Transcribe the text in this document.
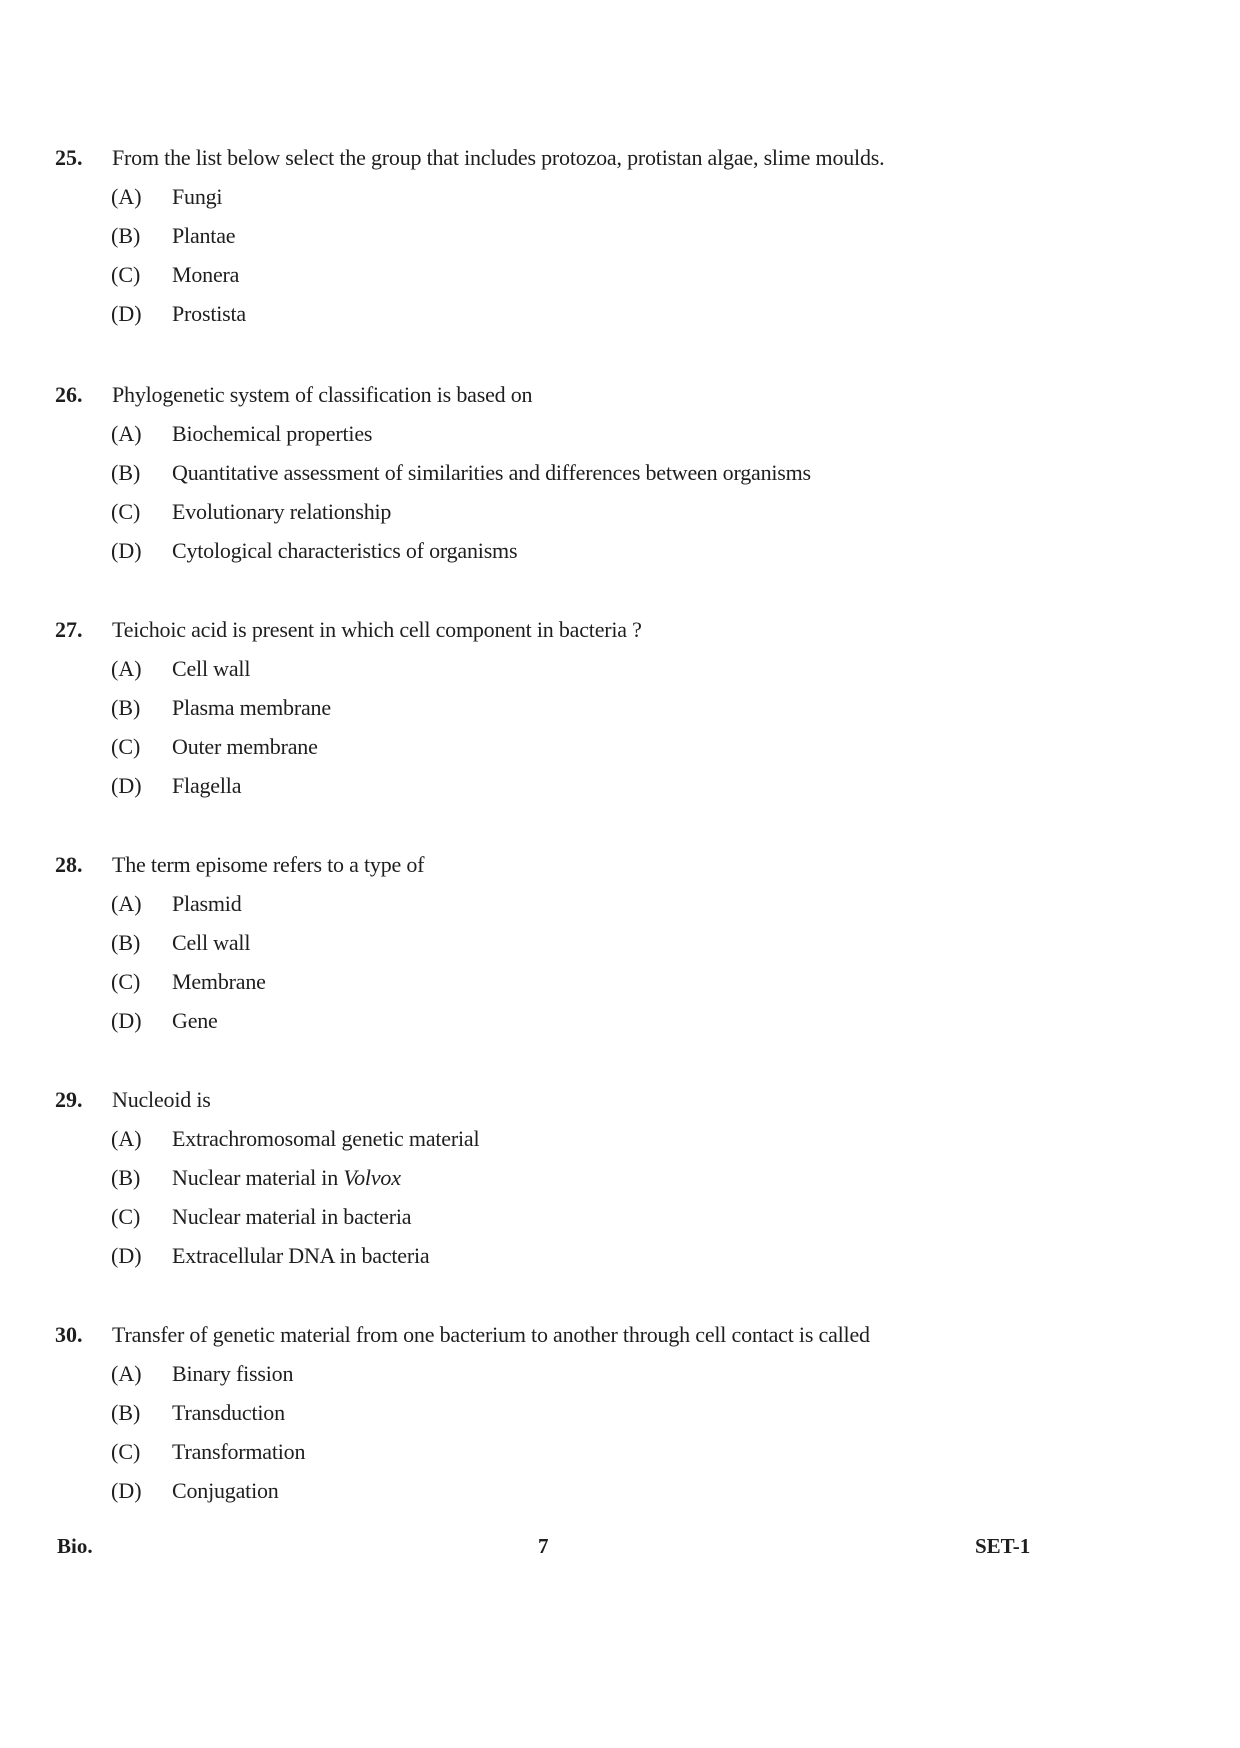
25. From the list below select the group that includes protozoa, protistan algae, slime moulds.
(A) Fungi
(B) Plantae
(C) Monera
(D) Prostista
26. Phylogenetic system of classification is based on
(A) Biochemical properties
(B) Quantitative assessment of similarities and differences between organisms
(C) Evolutionary relationship
(D) Cytological characteristics of organisms
27. Teichoic acid is present in which cell component in bacteria ?
(A) Cell wall
(B) Plasma membrane
(C) Outer membrane
(D) Flagella
28. The term episome refers to a type of
(A) Plasmid
(B) Cell wall
(C) Membrane
(D) Gene
29. Nucleoid is
(A) Extrachromosomal genetic material
(B) Nuclear material in Volvox
(C) Nuclear material in bacteria
(D) Extracellular DNA in bacteria
30. Transfer of genetic material from one bacterium to another through cell contact is called
(A) Binary fission
(B) Transduction
(C) Transformation
(D) Conjugation
Bio.	7	SET-1
